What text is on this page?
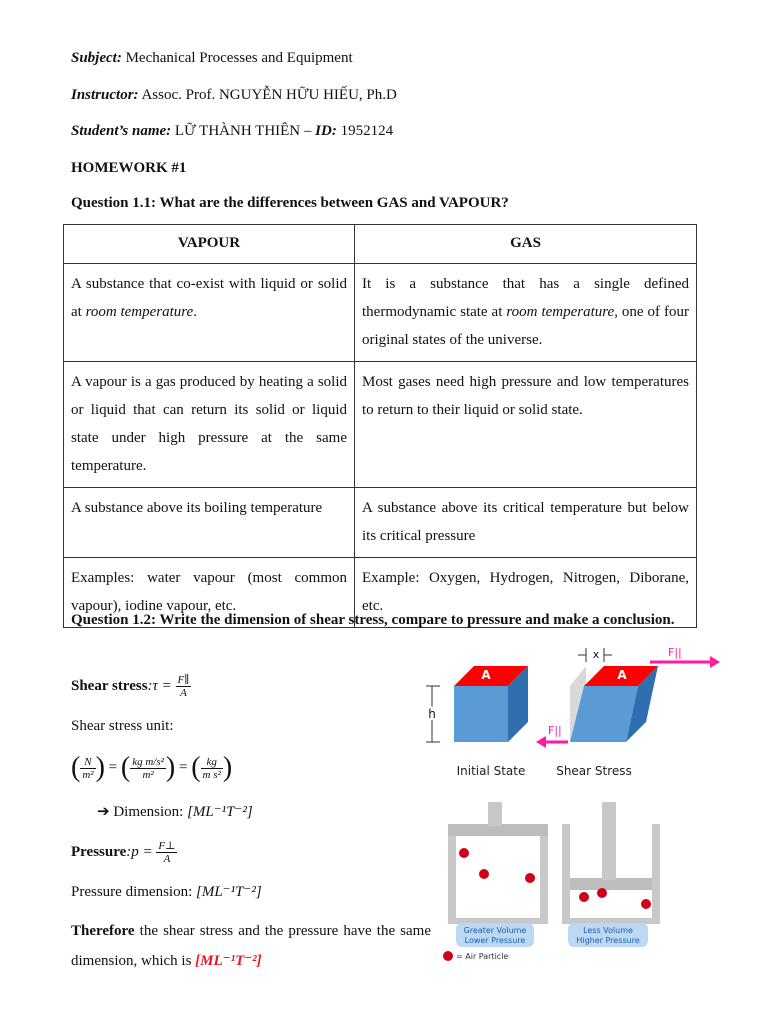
Subject: Mechanical Processes and Equipment
Instructor: Assoc. Prof. NGUYỄN HỮU HIẾU, Ph.D
Student’s name: LỮ THÀNH THIÊN – ID: 1952124
HOMEWORK #1
Question 1.1: What are the differences between GAS and VAPOUR?
VAPOUR	GAS
A substance that co-exist with liquid or solid at room temperature.	It is a substance that has a single defined thermodynamic state at room temperature, one of four original states of the universe.
A vapour is a gas produced by heating a solid or liquid that can return its solid or liquid state under high pressure at the same temperature.	Most gases need high pressure and low temperatures to return to their liquid or solid state.
A substance above its boiling temperature	A substance above its critical temperature but below its critical pressure
Examples: water vapour (most common vapour), iodine vapour, etc.	Example: Oxygen, Hydrogen, Nitrogen, Diborane, etc.
Question 1.2: Write the dimension of shear stress, compare to pressure and make a conclusion.
Shear stress:τ = $\frac{F\parallel}{A}$
Shear stress unit:
( $\frac{N}{\text{m²}}$ ) = ( $\frac{\text{kg m/s²}}{\text{m²}}$ ) = ( $\frac{kg}{\text{m s²}}$ )
➔ Dimension: [ML⁻¹T⁻²]
Pressure:p = $\frac{F\perp}{A}$
Pressure dimension: [ML⁻¹T⁻²]
Therefore the shear stress and the pressure have the same dimension, which is [ML⁻¹T⁻²]
A
h
Initial State
A
x	F||
F||
Shear Stress
Greater Volume
Lower Pressure
Less Volume
Higher Pressure
= Air Particle
